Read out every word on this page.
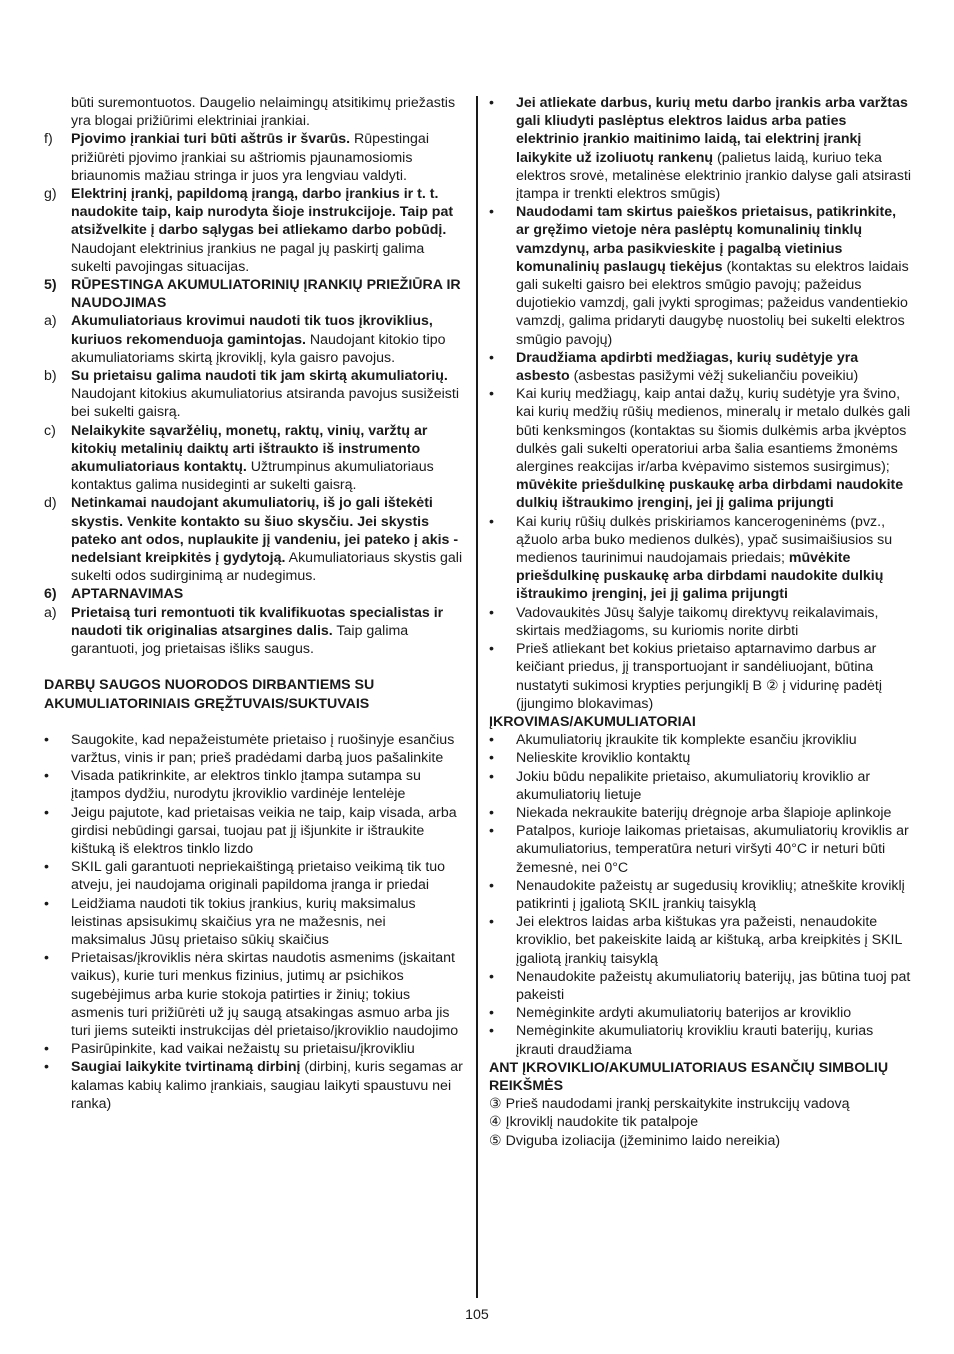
būti suremontuotos. Daugelio nelaimingų atsitikimų priežastis yra blogai prižiūrimi elektriniai įrankiai.
f) Pjovimo įrankiai turi būti aštrūs ir švarūs. Rūpestingai prižiūrėti pjovimo įrankiai su aštriomis pjaunamosiomis briaunomis mažiau stringa ir juos yra lengviau valdyti.
g) Elektrinį įrankį, papildomą įrangą, darbo įrankius ir t. t. naudokite taip, kaip nurodyta šioje instrukcijoje. Taip pat atsižvelkite į darbo sąlygas bei atliekamo darbo pobūdį. Naudojant elektrinius įrankius ne pagal jų paskirtį galima sukelti pavojingas situacijas.
5) RŪPESTINGA AKUMULIATORINIŲ ĮRANKIŲ PRIEŽIŪRA IR NAUDOJIMAS
a) Akumuliatoriaus krovimui naudoti tik tuos įkroviklius, kuriuos rekomenduoja gamintojas. Naudojant kitokio tipo akumuliatoriams skirtą įkroviklį, kyla gaisro pavojus.
b) Su prietaisu galima naudoti tik jam skirtą akumuliatorių. Naudojant kitokius akumuliatorius atsiranda pavojus susižeisti bei sukelti gaisrą.
c) Nelaikykite sąvaržėlių, monetų, raktų, vinių, varžtų ar kitokių metalinių daiktų arti ištraukto iš instrumento akumuliatoriaus kontaktų. Užtrumpinus akumuliatoriaus kontaktus galima nusideginti ar sukelti gaisrą.
d) Netinkamai naudojant akumuliatorių, iš jo gali ištekėti skystis. Venkite kontakto su šiuo skysčiu. Jei skystis pateko ant odos, nuplaukite jį vandeniu, jei pateko į akis - nedelsiant kreipkitės į gydytoją. Akumuliatoriaus skystis gali sukelti odos sudirginimą ar nudegimus.
6) APTARNAVIMAS
a) Prietaisą turi remontuoti tik kvalifikuotas specialistas ir naudoti tik originalias atsargines dalis. Taip galima garantuoti, jog prietaisas išliks saugus.
DARBŲ SAUGOS NUORODOS DIRBANTIEMS SU AKUMULIATORINIAIS GRĘŽTUVAIS/SUKTUVAIS
• Saugokite, kad nepažeistumėte prietaiso į ruošinyje esančius varžtus, vinis ir pan; prieš pradėdami darbą juos pašalinkite
• Visada patikrinkite, ar elektros tinklo įtampa sutampa su įtampos dydžiu, nurodytu įkroviklio vardinėje lentelėje
• Jeigu pajutote, kad prietaisas veikia ne taip, kaip visada, arba girdisi nebūdingi garsai, tuojau pat jį išjunkite ir ištraukite kištuką iš elektros tinklo lizdo
• SKIL gali garantuoti nepriekaištingą prietaiso veikimą tik tuo atveju, jei naudojama originali papildoma įranga ir priedai
• Leidžiama naudoti tik tokius įrankius, kurių maksimalus leistinas apsisukimų skaičius yra ne mažesnis, nei maksimalus Jūsų prietaiso sūkių skaičius
• Prietaisas/įkroviklis nėra skirtas naudotis asmenims (įskaitant vaikus), kurie turi menkus fizinius, jutimų ar psichikos sugebėjimus arba kurie stokoja patirties ir žinių; tokius asmenis turi prižiūrėti už jų saugą atsakingas asmuo arba jis turi jiems suteikti instrukcijas dėl prietaiso/įkroviklio naudojimo
• Pasirūpinkite, kad vaikai nežaistų su prietaisu/įkrovikliu
• Saugiai laikykite tvirtinamą dirbinį (dirbinį, kuris segamas ar kalamas kabių kalimo įrankiais, saugiau laikyti spaustuvu nei ranka)
• Jei atliekate darbus, kurių metu darbo įrankis arba varžtas gali kliudyti paslėptus elektros laidus arba paties elektrinio įrankio maitinimo laidą, tai elektrinį įrankį laikykite už izoliuotų rankenų (palietus laidą, kuriuo teka elektros srovė, metalinėse elektrinio įrankio dalyse gali atsirasti įtampa ir trenkti elektros smūgis)
• Naudodami tam skirtus paieškos prietaisus, patikrinkite, ar gręžimo vietoje nėra paslėptų komunalinių tinklų vamzdynų, arba pasikvieskite į pagalbą vietinius komunalinių paslaugų tiekėjus (kontaktas su elektros laidais gali sukelti gaisro bei elektros smūgio pavojų; pažeidus dujotiekio vamzdį, gali įvykti sprogimas; pažeidus vandentiekio vamzdį, galima pridaryti daugybę nuostolių bei sukelti elektros smūgio pavojų)
• Draudžiama apdirbti medžiagas, kurių sudėtyje yra asbesto (asbestas pasižymi vėžį sukeliančiu poveikiu)
• Kai kurių medžiagų, kaip antai dažų, kurių sudėtyje yra švino, kai kurių medžių rūšių medienos, mineralų ir metalo dulkės gali būti kenksmingos (kontaktas su šiomis dulkėmis arba įkvėptos dulkės gali sukelti operatoriui arba šalia esantiems žmonėms alergines reakcijas ir/arba kvėpavimo sistemos susirgimus); mūvėkite priešdulkinę puskaukę arba dirbdami naudokite dulkių ištraukimo įrenginį, jei jį galima prijungti
• Kai kurių rūšių dulkės priskiriamos kancerogeninėms (pvz., ąžuolo arba buko medienos dulkės), ypač susimaišiusios su medienos taurinimui naudojamais priedais; mūvėkite priešdulkinę puskaukę arba dirbdami naudokite dulkių ištraukimo įrenginį, jei jį galima prijungti
• Vadovaukitės Jūsų šalyje taikomų direktyvų reikalavimais, skirtais medžiagoms, su kuriomis norite dirbti
• Prieš atliekant bet kokius prietaiso aptarnavimo darbus ar keičiant priedus, jį transportuojant ir sandėliuojant, būtina nustatyti sukimosi krypties perjungiklį B ② į vidurinę padėtį (įjungimo blokavimas)
ĮKROVIMAS/AKUMULIATORIAI
• Akumuliatorių įkraukite tik komplekte esančiu įkrovikliu
• Nelieskite kroviklio kontaktų
• Jokiu būdu nepalikite prietaiso, akumuliatorių kroviklio ar akumuliatorių lietuje
• Niekada nekraukite baterijų drėgnoje arba šlapioje aplinkoje
• Patalpos, kurioje laikomas prietaisas, akumuliatorių kroviklis ar akumuliatorius, temperatūra neturi viršyti 40°C ir neturi būti žemesnė, nei 0°C
• Nenaudokite pažeistų ar sugedusių kroviklių; atneškite kroviklį patikrinti į įgaliotą SKIL įrankių taisyklą
• Jei elektros laidas arba kištukas yra pažeisti, nenaudokite kroviklio, bet pakeiskite laidą ar kištuką, arba kreipkitės į SKIL įgaliotą įrankių taisyklą
• Nenaudokite pažeistų akumuliatorių baterijų, jas būtina tuoj pat pakeisti
• Nemėginkite ardyti akumuliatorių baterijos ar kroviklio
• Nemėginkite akumuliatorių krovikliu krauti baterijų, kurias įkrauti draudžiama
ANT ĮKROVIKLIO/AKUMULIATORIAUS ESANČIŲ SIMBOLIŲ REIKŠMĖS
③ Prieš naudodami įrankį perskaitykite instrukcijų vadovą
④ Įkroviklį naudokite tik patalpoje
⑤ Dviguba izoliacija (įžeminimo laido nereikia)
105
